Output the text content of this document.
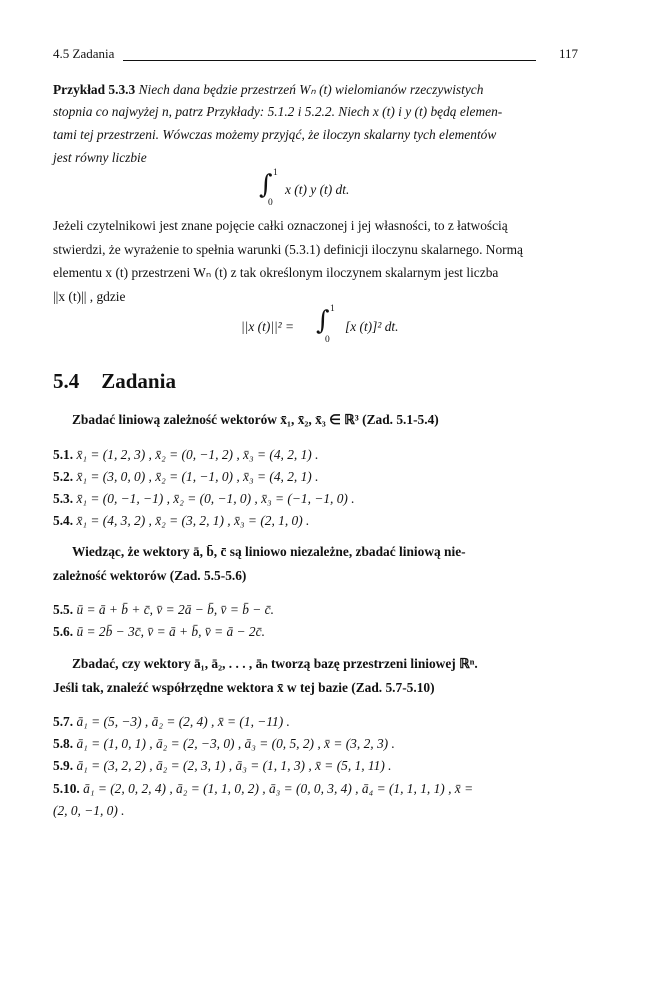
4.5 Zadania	117
Przykład 5.3.3 Niech dana będzie przestrzeń Wₙ (t) wielomianów rzeczywistych
stopnia co najwyżej n, patrz Przykłady: 5.1.2 i 5.2.2. Niech x (t) i y (t) będą elemen-
tami tej przestrzeni. Wówczas możemy przyjąć, że iloczyn skalarny tych elementów
jest równy liczbie
∫ 1
0
x (t) y (t) dt.
Jeżeli czytelnikowi jest znane pojęcie całki oznaczonej i jej własności, to z łatwością
stwierdzi, że wyrażenie to spełnia warunki (5.3.1) definicji iloczynu skalarnego. Normą
elementu x (t) przestrzeni Wₙ (t) z tak określonym iloczynem skalarnym jest liczba
||x (t)|| , gdzie
||x (t)||² = ∫ 1
0
[x (t)]² dt.
5.4 Zadania
Zbadać liniową zależność wektorów x̄₁, x̄₂, x̄₃ ∈ ℝ³ (Zad. 5.1-5.4)
5.1. x̄₁ = (1, 2, 3) , x̄₂ = (0, −1, 2) , x̄₃ = (4, 2, 1) .
5.2. x̄₁ = (3, 0, 0) , x̄₂ = (1, −1, 0) , x̄₃ = (4, 2, 1) .
5.3. x̄₁ = (0, −1, −1) , x̄₂ = (0, −1, 0) , x̄₃ = (−1, −1, 0) .
5.4. x̄₁ = (4, 3, 2) , x̄₂ = (3, 2, 1) , x̄₃ = (2, 1, 0) .
Wiedząc, że wektory ā, b̄, c̄ są liniowo niezależne, zbadać liniową nie-
zależność wektorów (Zad. 5.5-5.6)
5.5. ū = ā + b̄ + c̄, v̄ = 2ā − b̄, v̄ = b̄ − c̄.
5.6. ū = 2b̄ − 3c̄, v̄ = ā + b̄, v̄ = ā − 2c̄.
Zbadać, czy wektory ā₁, ā₂, . . . , āₙ tworzą bazę przestrzeni liniowej ℝⁿ.
Jeśli tak, znaleźć współrzędne wektora x̄ w tej bazie (Zad. 5.7-5.10)
5.7. ā₁ = (5, −3) , ā₂ = (2, 4) , x̄ = (1, −11) .
5.8. ā₁ = (1, 0, 1) , ā₂ = (2, −3, 0) , ā₃ = (0, 5, 2) , x̄ = (3, 2, 3) .
5.9. ā₁ = (3, 2, 2) , ā₂ = (2, 3, 1) , ā₃ = (1, 1, 3) , x̄ = (5, 1, 11) .
5.10. ā₁ = (2, 0, 2, 4) , ā₂ = (1, 1, 0, 2) , ā₃ = (0, 0, 3, 4) , ā₄ = (1, 1, 1, 1) , x̄ =
(2, 0, −1, 0) .
